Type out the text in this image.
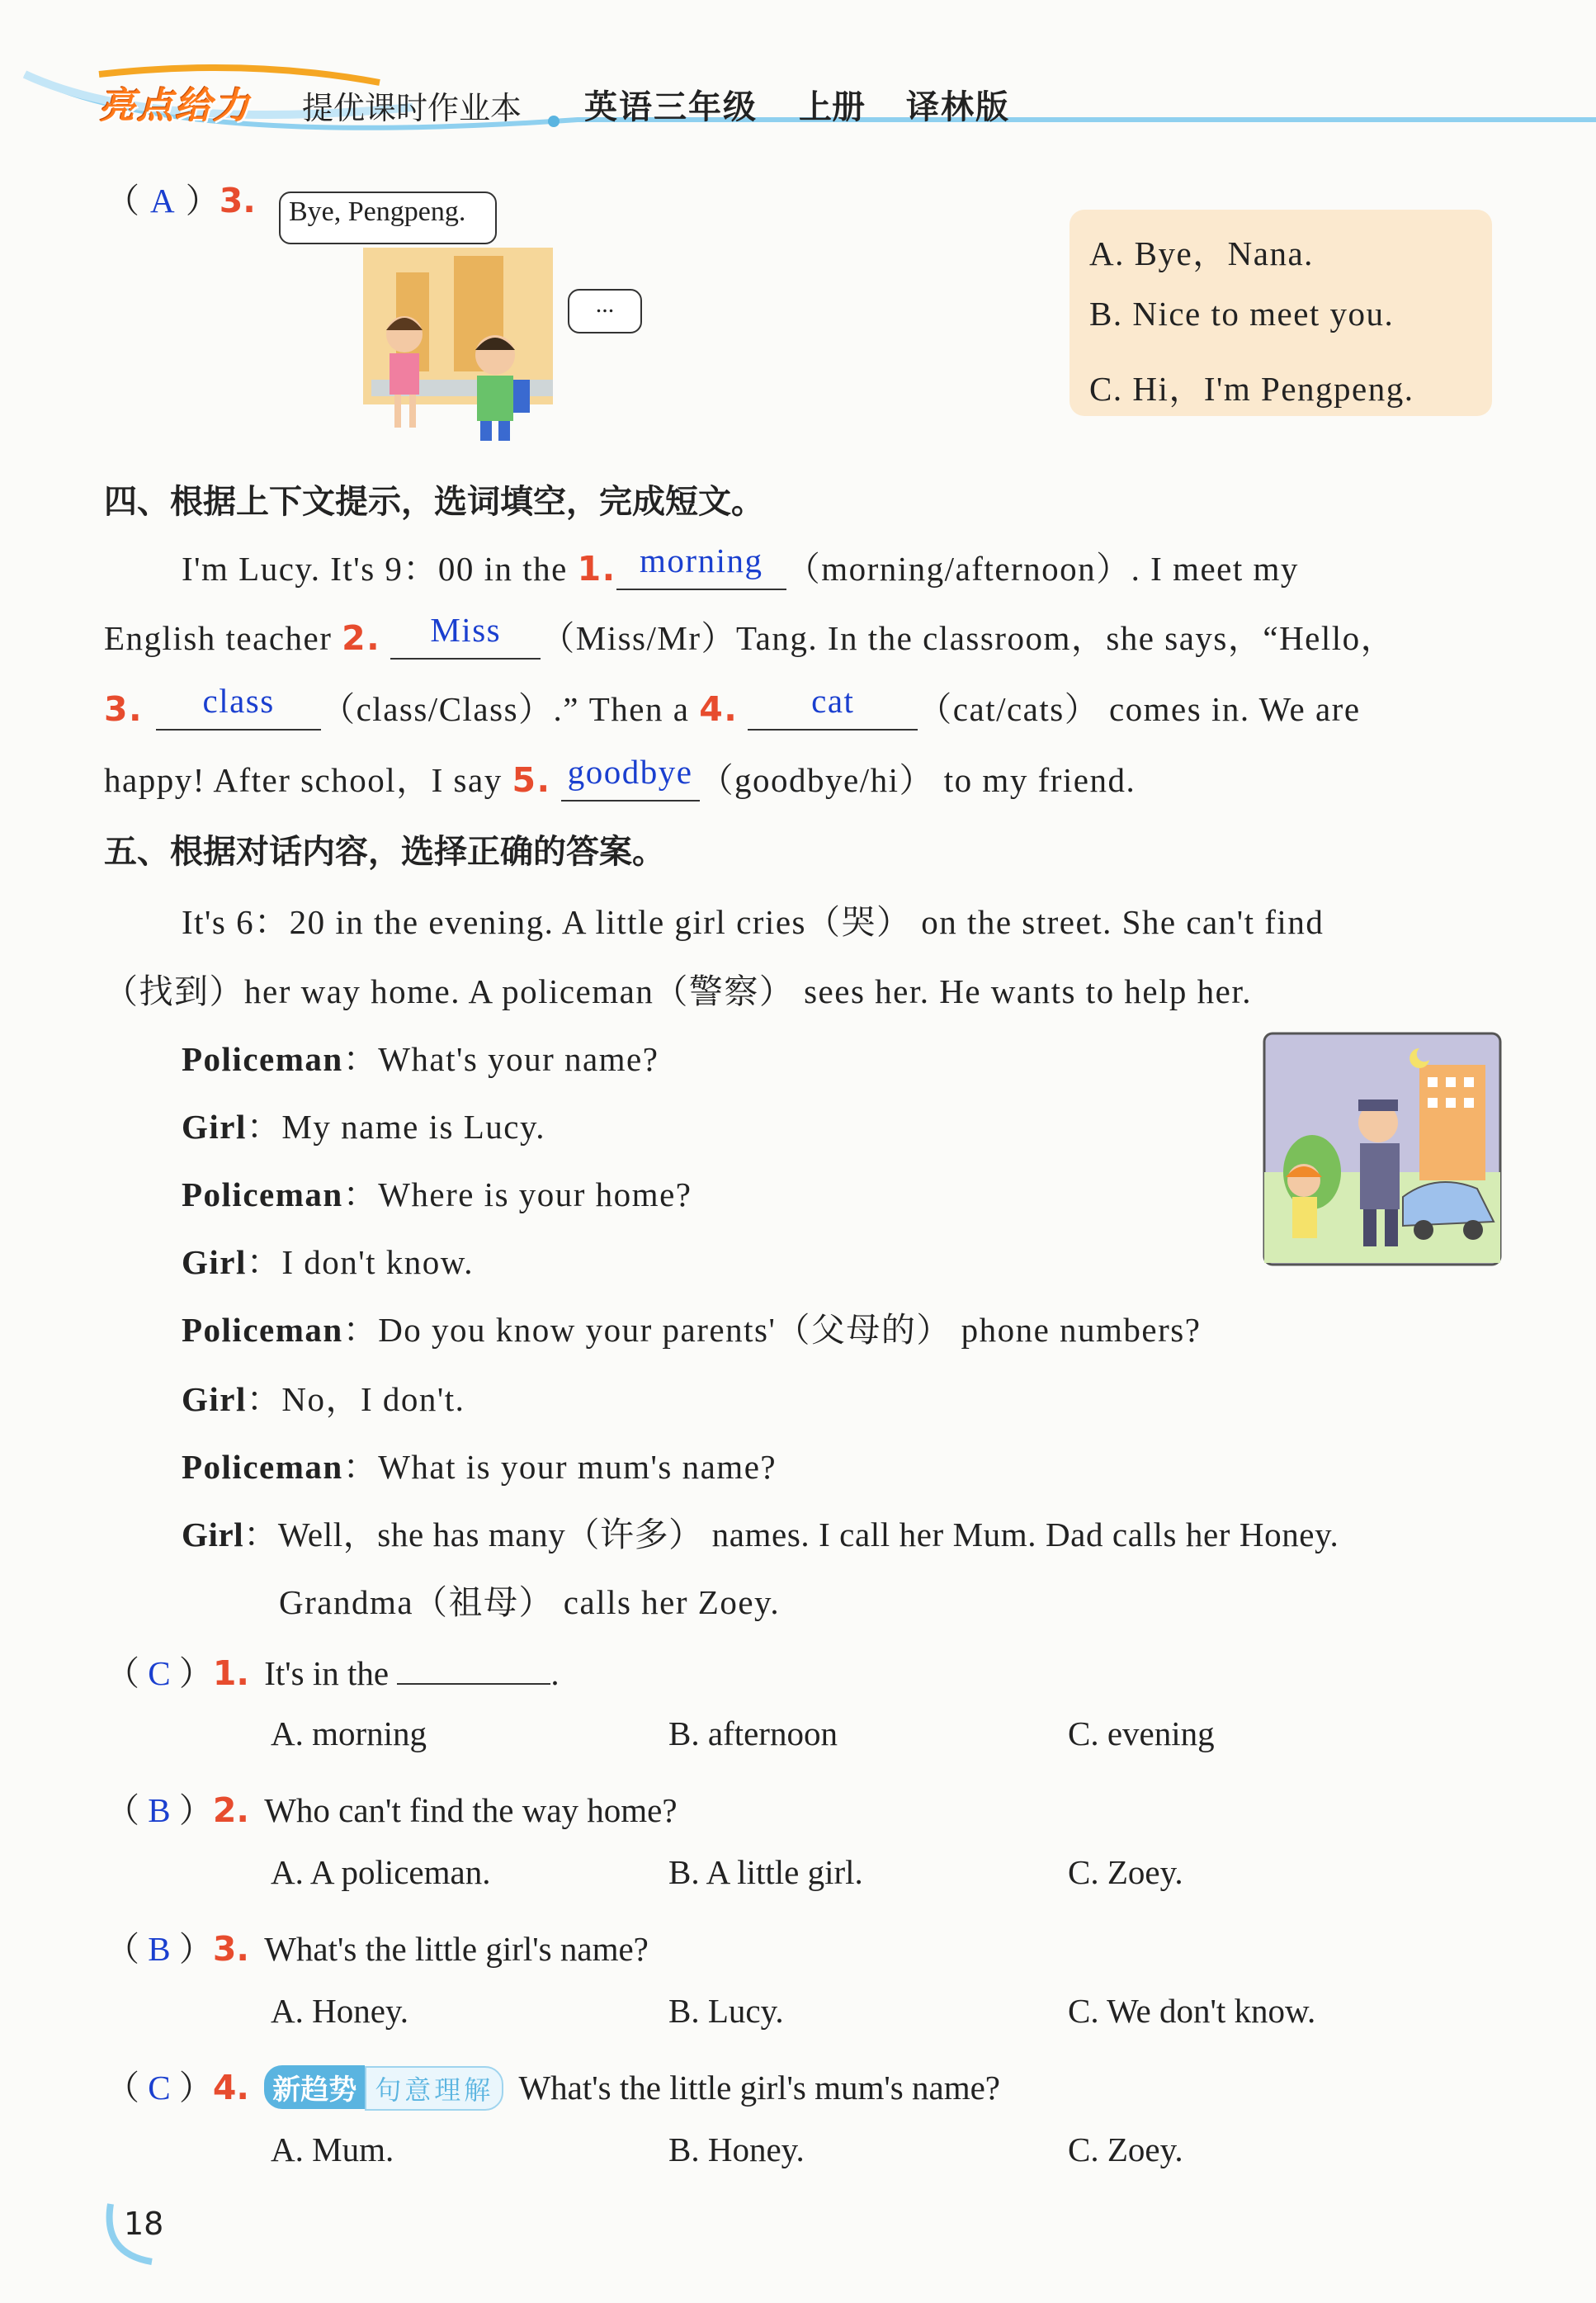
亮点给力 提优课时作业本 英语三年级 上册 译林版
（ A ）3. Bye, Pengpeng.
...
A. Bye，Nana.
B. Nice to meet you.
C. Hi，I'm Pengpeng.
四、根据上下文提示，选词填空，完成短文。
I'm Lucy. It's 9：00 in the 1. morning （morning/afternoon）. I meet my
English teacher 2. Miss （Miss/Mr）Tang. In the classroom，she says，“Hello，
3. class （class/Class）.” Then a 4. cat （cat/cats） comes in. We are
happy! After school，I say 5. goodbye （goodbye/hi） to my friend.
五、根据对话内容，选择正确的答案。
It's 6：20 in the evening. A little girl cries（哭） on the street. She can't find
（找到）her way home. A policeman（警察） sees her. He wants to help her.
Policeman：What's your name?
Girl：My name is Lucy.
Policeman：Where is your home?
Girl：I don't know.
Policeman：Do you know your parents'（父母的） phone numbers?
Girl：No，I don't.
Policeman：What is your mum's name?
Girl：Well，she has many（许多） names. I call her Mum. Dad calls her Honey.
Grandma（祖母） calls her Zoey.
（ C ）1. It's in the	.
A. morning	B. afternoon	C. evening
（ B ）2. Who can't find the way home?
A. A policeman.	B. A little girl.	C. Zoey.
（ B ）3. What's the little girl's name?
A. Honey.	B. Lucy.	C. We don't know.
（ C ）4. 新趋势 句意理解 What's the little girl's mum's name?
A. Mum.	B. Honey.	C. Zoey.
18
